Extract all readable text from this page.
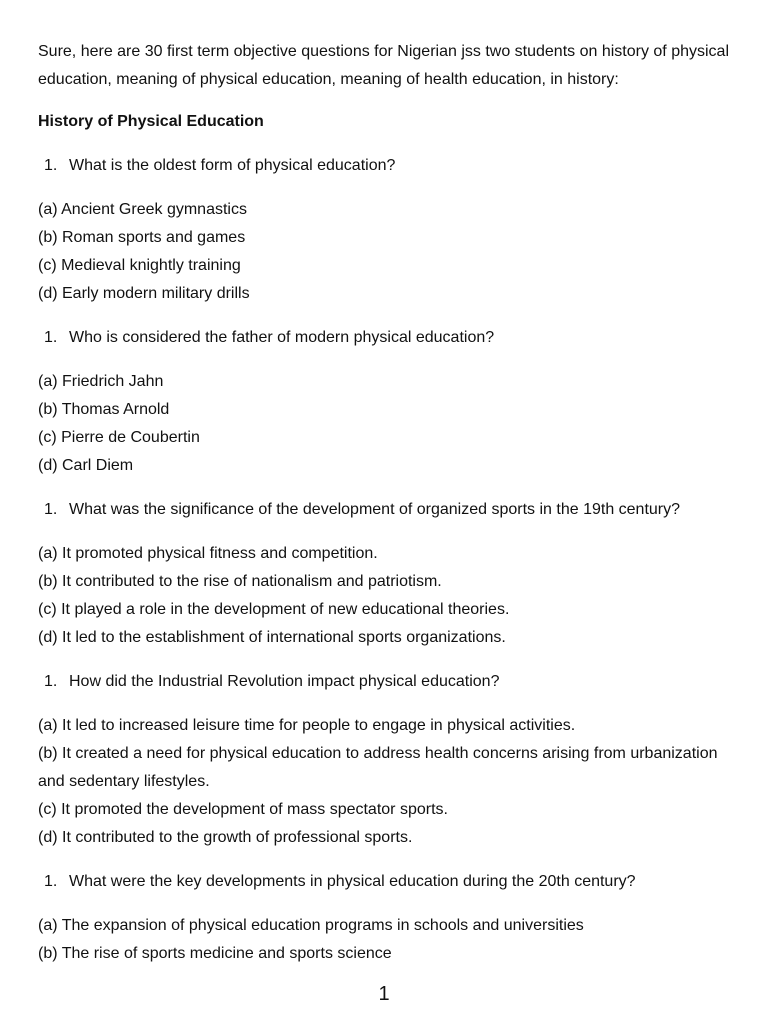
Sure, here are 30 first term objective questions for Nigerian jss two students on history of physical education, meaning of physical education, meaning of health education, in history:

History of Physical Education

1. What is the oldest form of physical education?

(a) Ancient Greek gymnastics
(b) Roman sports and games
(c) Medieval knightly training
(d) Early modern military drills

1. Who is considered the father of modern physical education?

(a) Friedrich Jahn
(b) Thomas Arnold
(c) Pierre de Coubertin
(d) Carl Diem

1. What was the significance of the development of organized sports in the 19th century?

(a) It promoted physical fitness and competition.
(b) It contributed to the rise of nationalism and patriotism.
(c) It played a role in the development of new educational theories.
(d) It led to the establishment of international sports organizations.

1. How did the Industrial Revolution impact physical education?

(a) It led to increased leisure time for people to engage in physical activities.
(b) It created a need for physical education to address health concerns arising from urbanization and sedentary lifestyles.
(c) It promoted the development of mass spectator sports.
(d) It contributed to the growth of professional sports.

1. What were the key developments in physical education during the 20th century?

(a) The expansion of physical education programs in schools and universities
(b) The rise of sports medicine and sports science
1
